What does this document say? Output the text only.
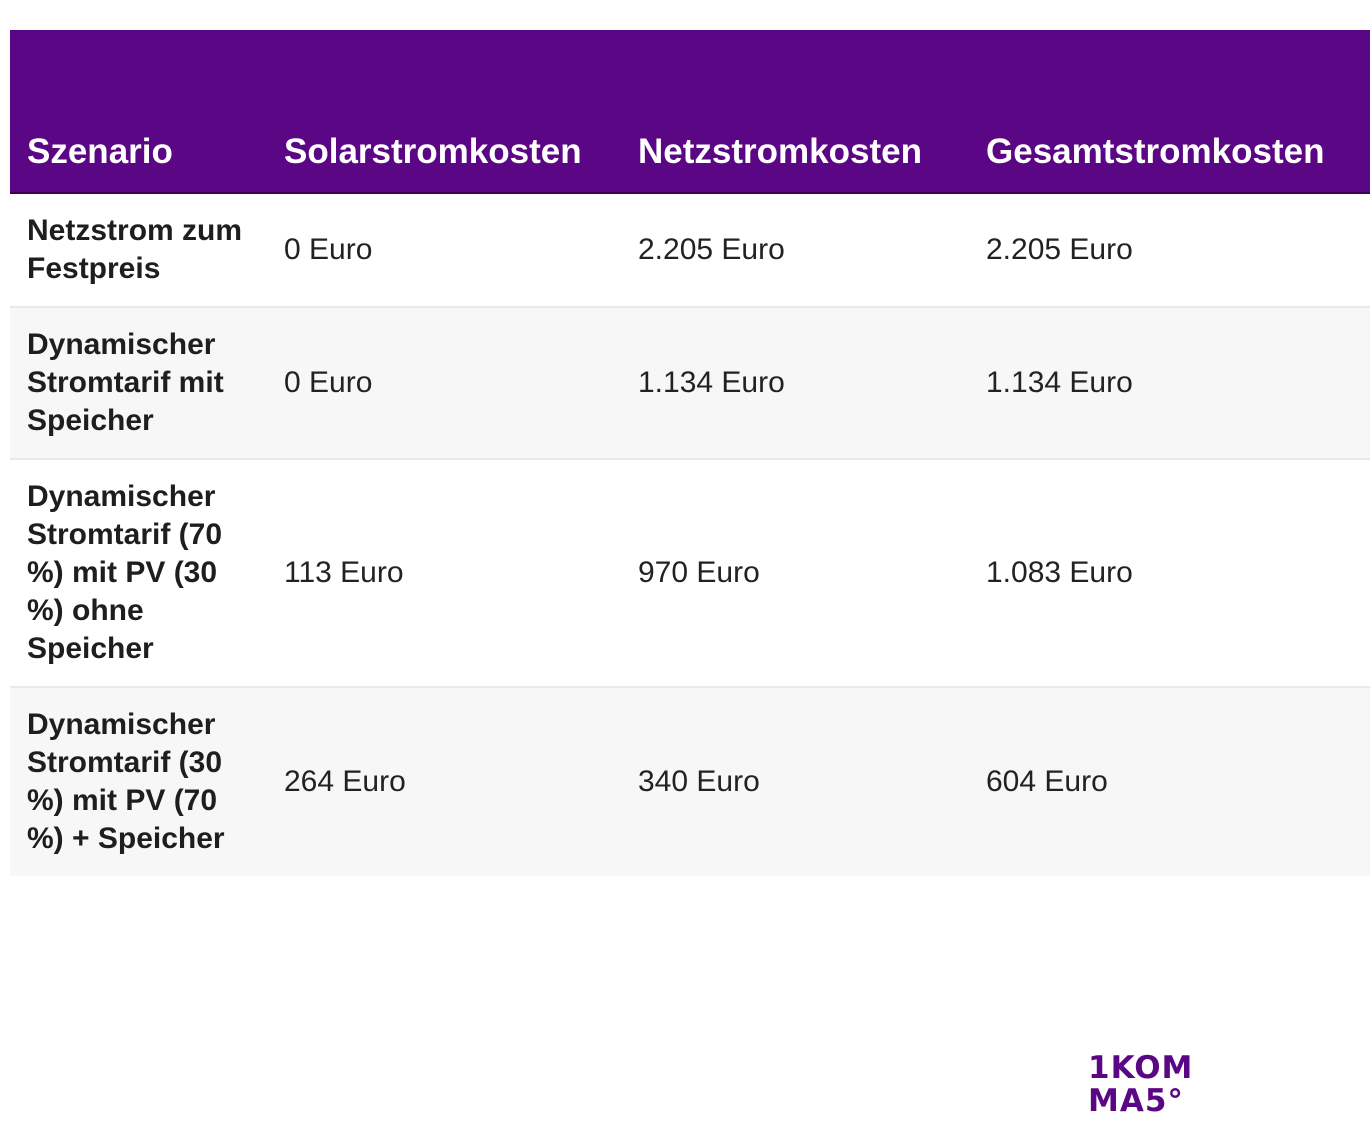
Szenario	Solarstromkosten	Netzstromkosten	Gesamtstromkosten
Netzstrom zum Festpreis	0 Euro	2.205 Euro	2.205 Euro
Dynamischer Stromtarif mit Speicher	0 Euro	1.134 Euro	1.134 Euro
Dynamischer Stromtarif (70 %) mit PV (30 %) ohne Speicher	113 Euro	970 Euro	1.083 Euro
Dynamischer Stromtarif (30 %) mit PV (70 %) + Speicher	264 Euro	340 Euro	604 Euro
1KOM
MA5°
